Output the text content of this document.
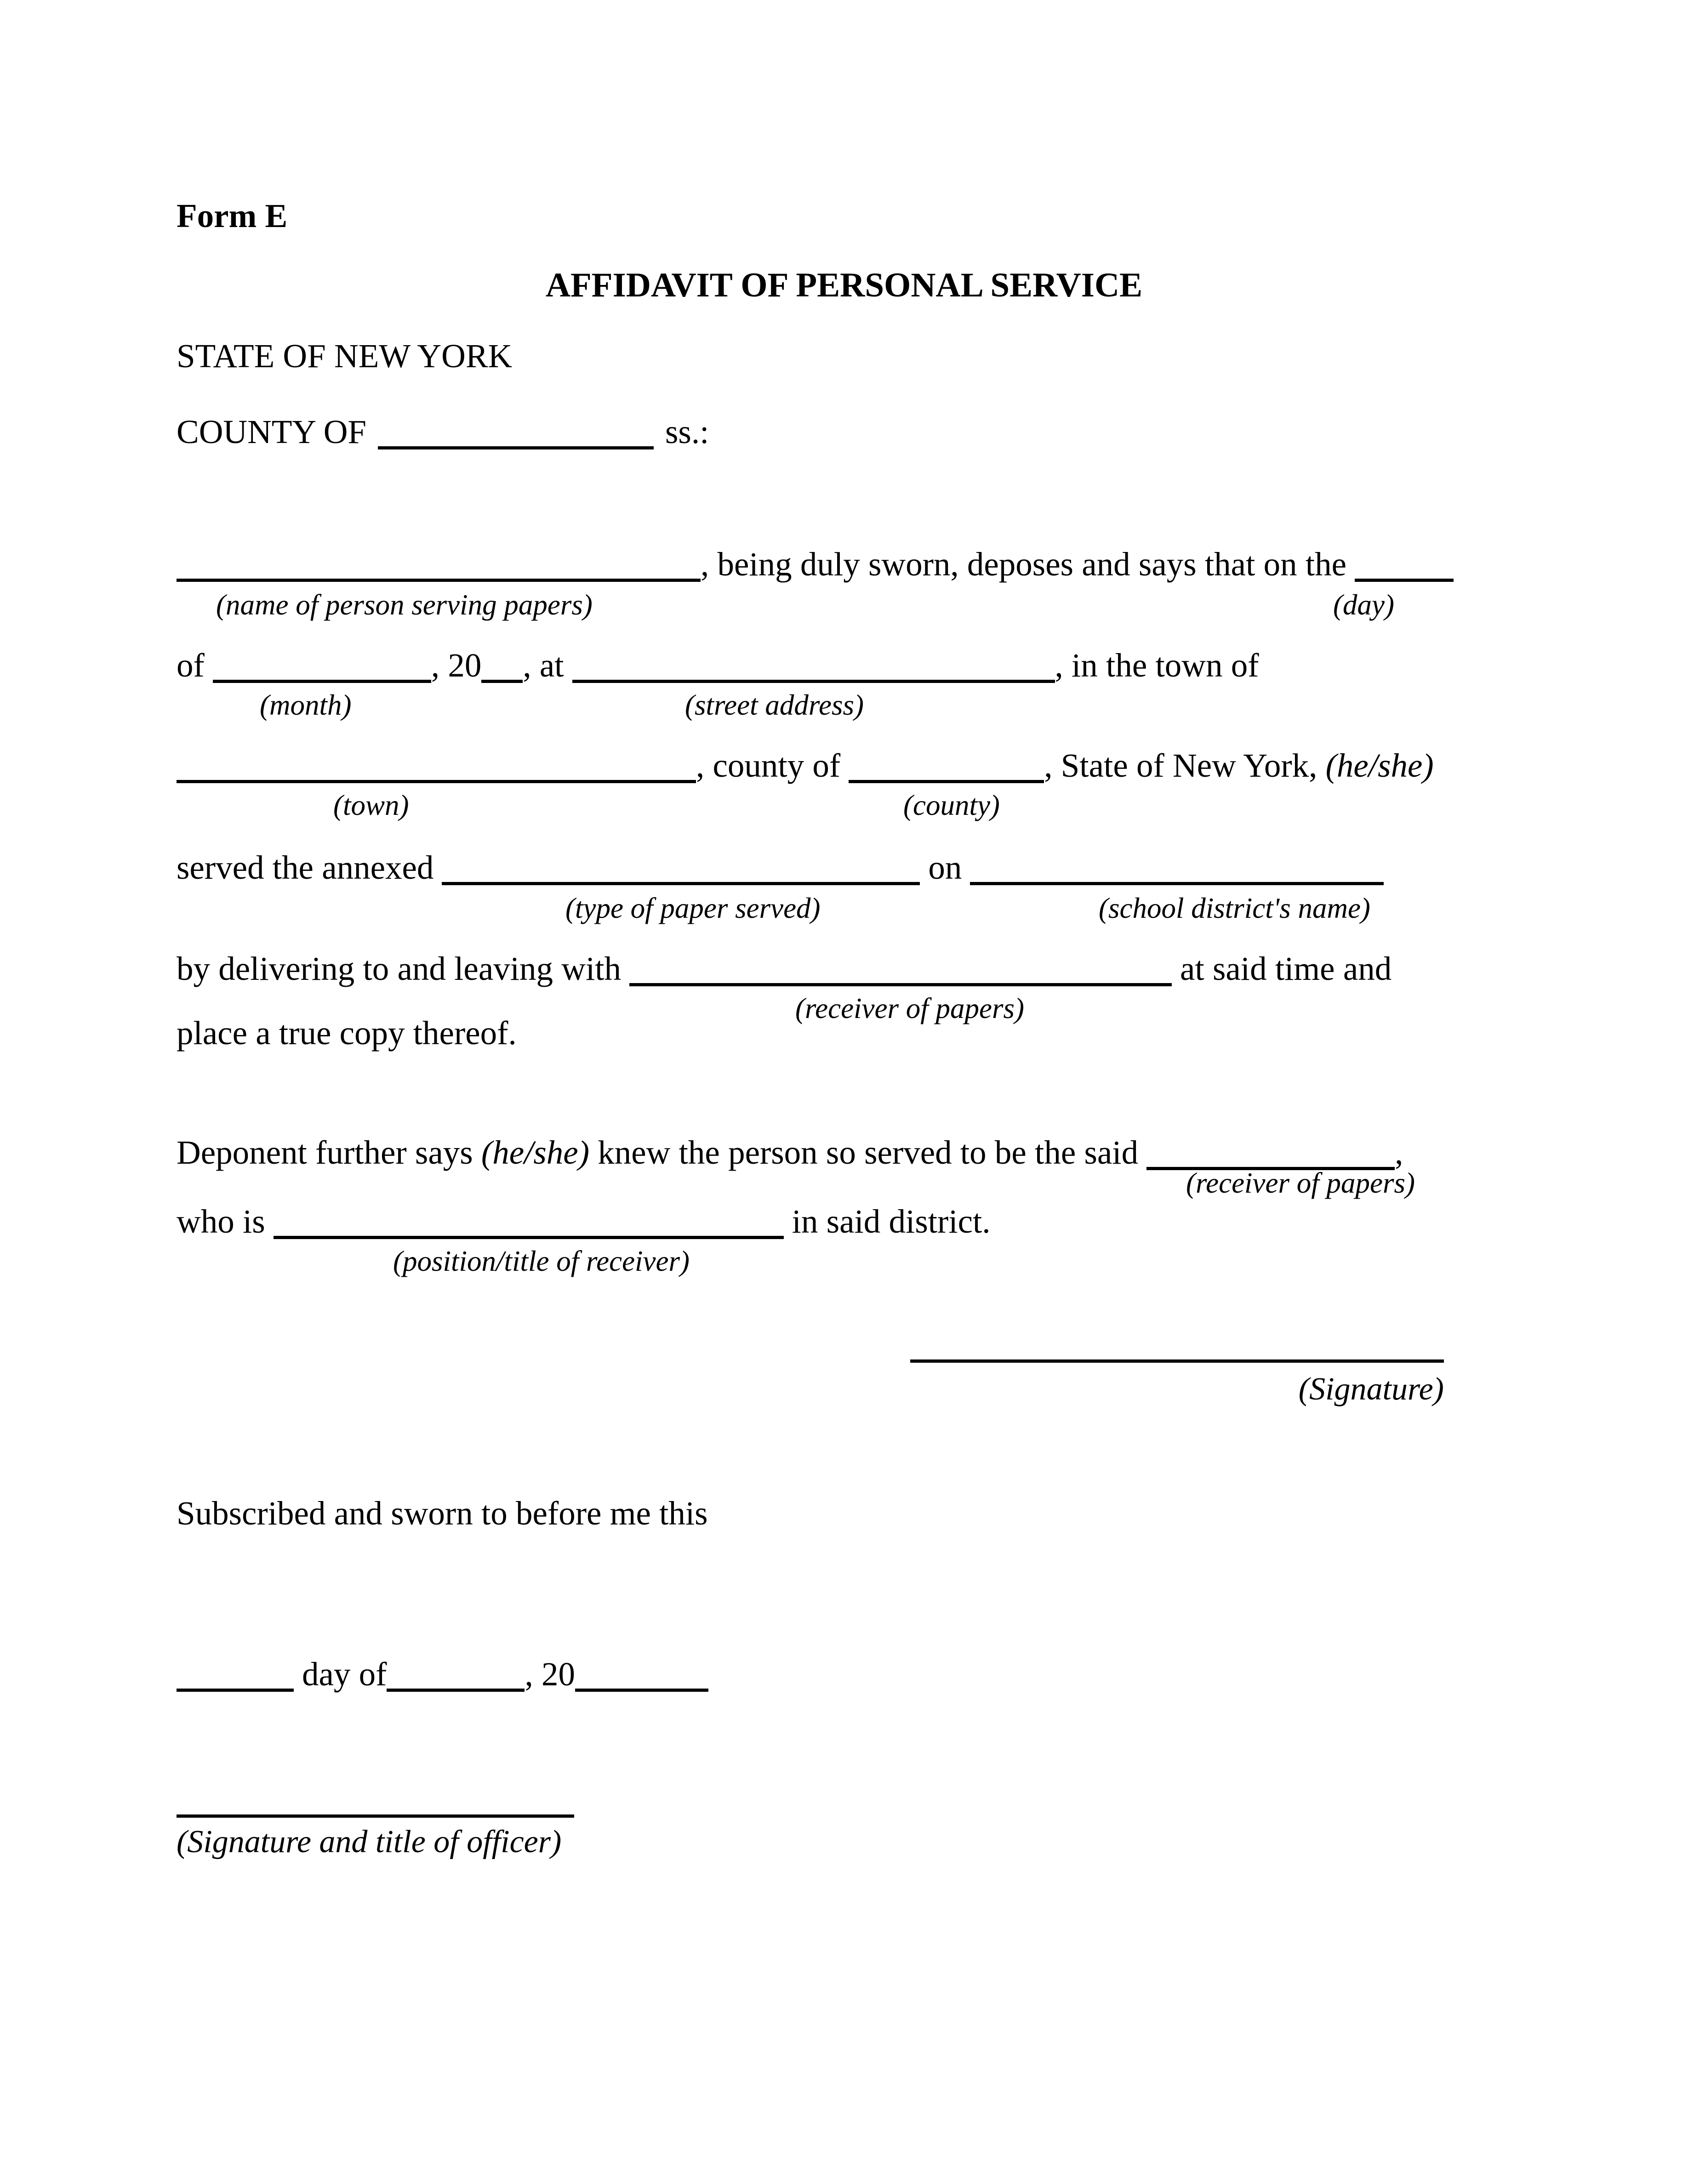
Form E
AFFIDAVIT OF PERSONAL SERVICE
STATE OF NEW YORK
COUNTY OF	ss.:
, being duly sworn, deposes and says that on the
(name of person serving papers)	(day)
of	, 20 , at	, in the town of
(month)	(street address)
, county of	, State of New York, (he/she)
(town)	(county)
served the annexed	on
(type of paper served)	(school district's name)
by delivering to and leaving with	at said time and
(receiver of papers)
place a true copy thereof.
Deponent further says (he/she) knew the person so served to be the said	,
(receiver of papers)
who is	in said district.
(position/title of receiver)
(Signature)
Subscribed and sworn to before me this
day of	, 20
(Signature and title of officer)
